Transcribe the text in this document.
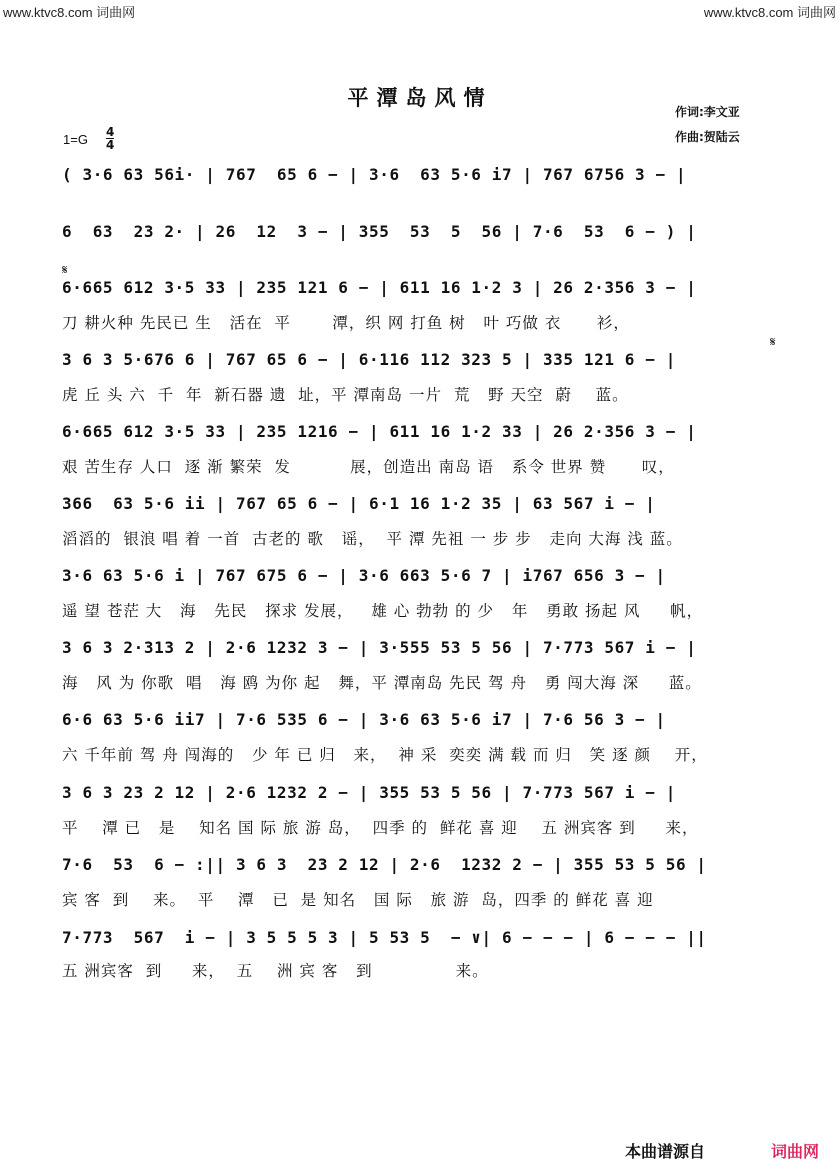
www.ktvc8.com 词曲网	www.ktvc8.com 词曲网
平潭岛风情
作词:李文亚
作曲:贺陆云
1=G 4
4
𝄋
𝄋
( 3·6 63 56i· | 767  65 6 − | 3·6  63 5·6 i7 | 767 6756 3 − |
6  63  23 2· | 26  12  3 − | 355  53  5  56 | 7·6  53  6 − ) |
6·665 612 3·5 33 | 235 121 6 − | 611 16 1·2 3 | 26 2·356 3 − |
刀 耕火种 先民已 生   活在  平       潭，织 网 打鱼 树   叶 巧做 衣      衫，
3 6 3 5·676 6 | 767 65 6 − | 6·116 112 323 5 | 335 121 6 − |
虎 丘 头 六  千  年  新石器 遗  址，平 潭南岛 一片  荒   野 天空  蔚    蓝。
6·665 612 3·5 33 | 235 1216 − | 611 16 1·2 33 | 26 2·356 3 − |
艰 苦生存 人口  逐 渐 繁荣  发          展，创造出 南岛 语   系令 世界 赞      叹，
366  63 5·6 ii | 767 65 6 − | 6·1 16 1·2 35 | 63 567 i − |
滔滔的  银浪 唱 着 一首  古老的 歌   谣，  平 潭 先祖 一 步 步   走向 大海 浅 蓝。
3·6 63 5·6 i | 767 675 6 − | 3·6 663 5·6 7 | i767 656 3 − |
遥 望 苍茫 大   海   先民   探求 发展，   雄 心 勃勃 的 少   年   勇敢 扬起 风     帆，
3 6 3 2·313 2 | 2·6 1232 3 − | 3·555 53 5 56 | 7·773 567 i − |
海   风 为 你歌  唱   海 鸥 为你 起   舞，平 潭南岛 先民 驾 舟   勇 闯大海 深     蓝。
6·6 63 5·6 ii7 | 7·6 535 6 − | 3·6 63 5·6 i7 | 7·6 56 3 − |
六 千年前 驾 舟 闯海的   少 年 已 归   来，  神 采  奕奕 满 载 而 归   笑 逐 颜    开，
3 6 3 23 2 12 | 2·6 1232 2 − | 355 53 5 56 | 7·773 567 i − |
平    潭 已   是    知名 国 际 旅 游 岛，  四季 的  鲜花 喜 迎    五 洲宾客 到     来，
7·6  53  6 − :|| 3 6 3  23 2 12 | 2·6  1232 2 − | 355 53 5 56 |
宾 客  到    来。  平    潭   已  是 知名   国 际   旅 游  岛，四季 的 鲜花 喜 迎
7·773  567  i − | 3 5 5 5 3 | 5 53 5  − ∨| 6 − − − | 6 − − − ||
五 洲宾客  到     来，  五    洲 宾 客   到              来。
本曲谱源自	词曲网
